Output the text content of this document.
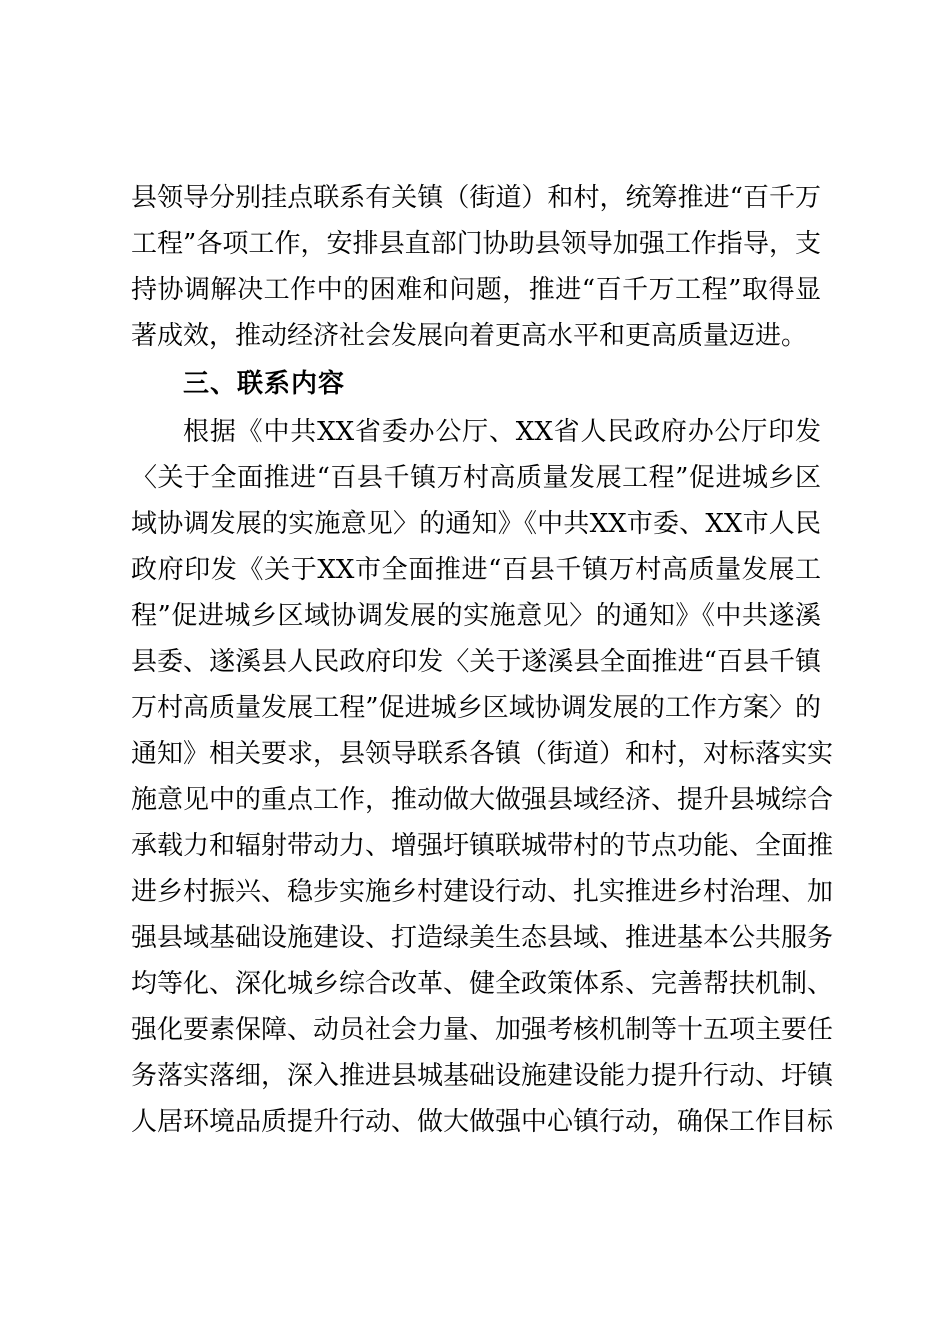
县领导分别挂点联系有关镇（街道）和村，统筹推进“百千万
工程”各项工作，安排县直部门协助县领导加强工作指导，支
持协调解决工作中的困难和问题，推进“百千万工程”取得显
著成效，推动经济社会发展向着更高水平和更高质量迈进。
三、联系内容
根据《中共XX省委办公厅、XX省人民政府办公厅印发
〈关于全面推进“百县千镇万村高质量发展工程”促进城乡区
域协调发展的实施意见〉的通知》《中共XX市委、XX市人民
政府印发《关于XX市全面推进“百县千镇万村高质量发展工
程”促进城乡区域协调发展的实施意见〉的通知》《中共遂溪
县委、遂溪县人民政府印发〈关于遂溪县全面推进“百县千镇
万村高质量发展工程”促进城乡区域协调发展的工作方案〉的
通知》相关要求，县领导联系各镇（街道）和村，对标落实实
施意见中的重点工作，推动做大做强县域经济、提升县城综合
承载力和辐射带动力、增强圩镇联城带村的节点功能、全面推
进乡村振兴、稳步实施乡村建设行动、扎实推进乡村治理、加
强县域基础设施建设、打造绿美生态县域、推进基本公共服务
均等化、深化城乡综合改革、健全政策体系、完善帮扶机制、
强化要素保障、动员社会力量、加强考核机制等十五项主要任
务落实落细，深入推进县城基础设施建设能力提升行动、圩镇
人居环境品质提升行动、做大做强中心镇行动，确保工作目标
